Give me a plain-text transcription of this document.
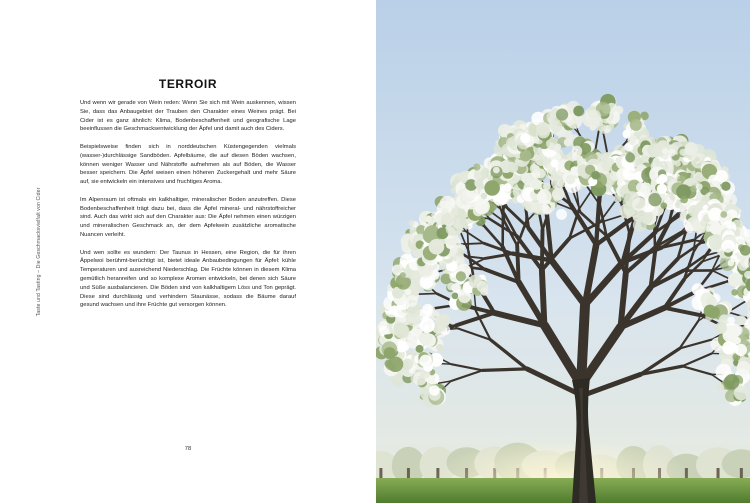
Taste und Tasting – Die Geschmacksvielfalt von Cider
TERROIR

Und wenn wir gerade von Wein reden: Wenn Sie sich mit Wein auskennen, wissen Sie, dass das Anbaugebiet der Trauben den Charakter eines Weines prägt. Bei Cider ist es ganz ähnlich: Klima, Bodenbeschaffenheit und geografische Lage beeinflussen die Geschmacksentwicklung der Äpfel und damit auch des Ciders.

Beispielsweise finden sich in norddeutschen Küstengegenden vielmals (wasser-)durchlässige Sandböden. Apfelbäume, die auf diesen Böden wachsen, können weniger Wasser und Nährstoffe aufnehmen als auf Böden, die Wasser besser speichern. Die Äpfel weisen einen höheren Zuckergehalt und mehr Säure auf, sie entwickeln ein intensives und fruchtiges Aroma.

Im Alpenraum ist oftmals ein kalkhaltiger, mineralischer Boden anzutreffen. Diese Bodenbeschaffenheit trägt dazu bei, dass die Äpfel mineral- und nährstoffreicher sind. Auch das wirkt sich auf den Charakter aus: Die Äpfel nehmen einen würzigen und mineralischen Geschmack an, der dem Apfelwein zusätzliche aromatische Nuancen verleiht.

Und wen sollte es wundern: Der Taunus in Hessen, eine Region, die für ihren Äppelwoi berühmt-berüchtigt ist, bietet ideale Anbaubedingungen für Äpfel: kühle Temperaturen und ausreichend Niederschlag. Die Früchte können in diesem Klima gemütlich heranreifen und so komplexe Aromen entwickeln, bei denen sich Säure und Süße ausbalancieren. Die Böden sind von kalkhaltigem Löss und Ton geprägt. Diese sind durchlässig und verhindern Staunässe, sodass die Bäume darauf gesund wachsen und ihre Früchte gut versorgen können.

78
